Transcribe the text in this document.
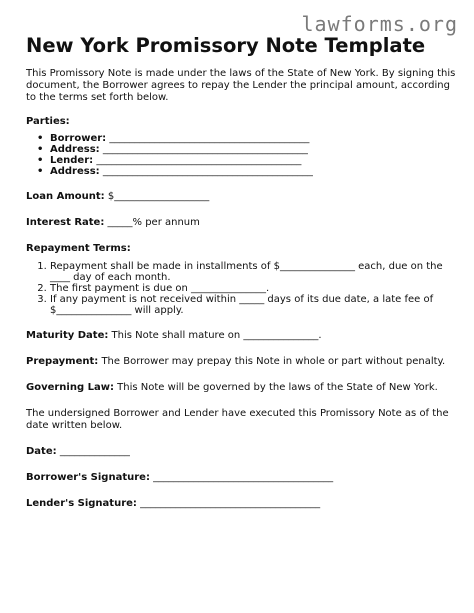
lawforms.org
New York Promissory Note Template

This Promissory Note is made under the laws of the State of New York. By signing this document, the Borrower agrees to repay the Lender the principal amount, according to the terms set forth below.

Parties:

• Borrower: ________________________________________
• Address: _________________________________________
• Lender: _________________________________________
• Address: __________________________________________

Loan Amount: $___________________

Interest Rate: _____% per annum

Repayment Terms:

1. Repayment shall be made in installments of $_______________ each, due on the ____ day of each month.
2. The first payment is due on _______________.
3. If any payment is not received within _____ days of its due date, a late fee of $_______________ will apply.

Maturity Date: This Note shall mature on _______________.

Prepayment: The Borrower may prepay this Note in whole or part without penalty.

Governing Law: This Note will be governed by the laws of the State of New York.

The undersigned Borrower and Lender have executed this Promissory Note as of the date written below.

Date: ______________

Borrower's Signature: ____________________________________

Lender's Signature: ____________________________________
